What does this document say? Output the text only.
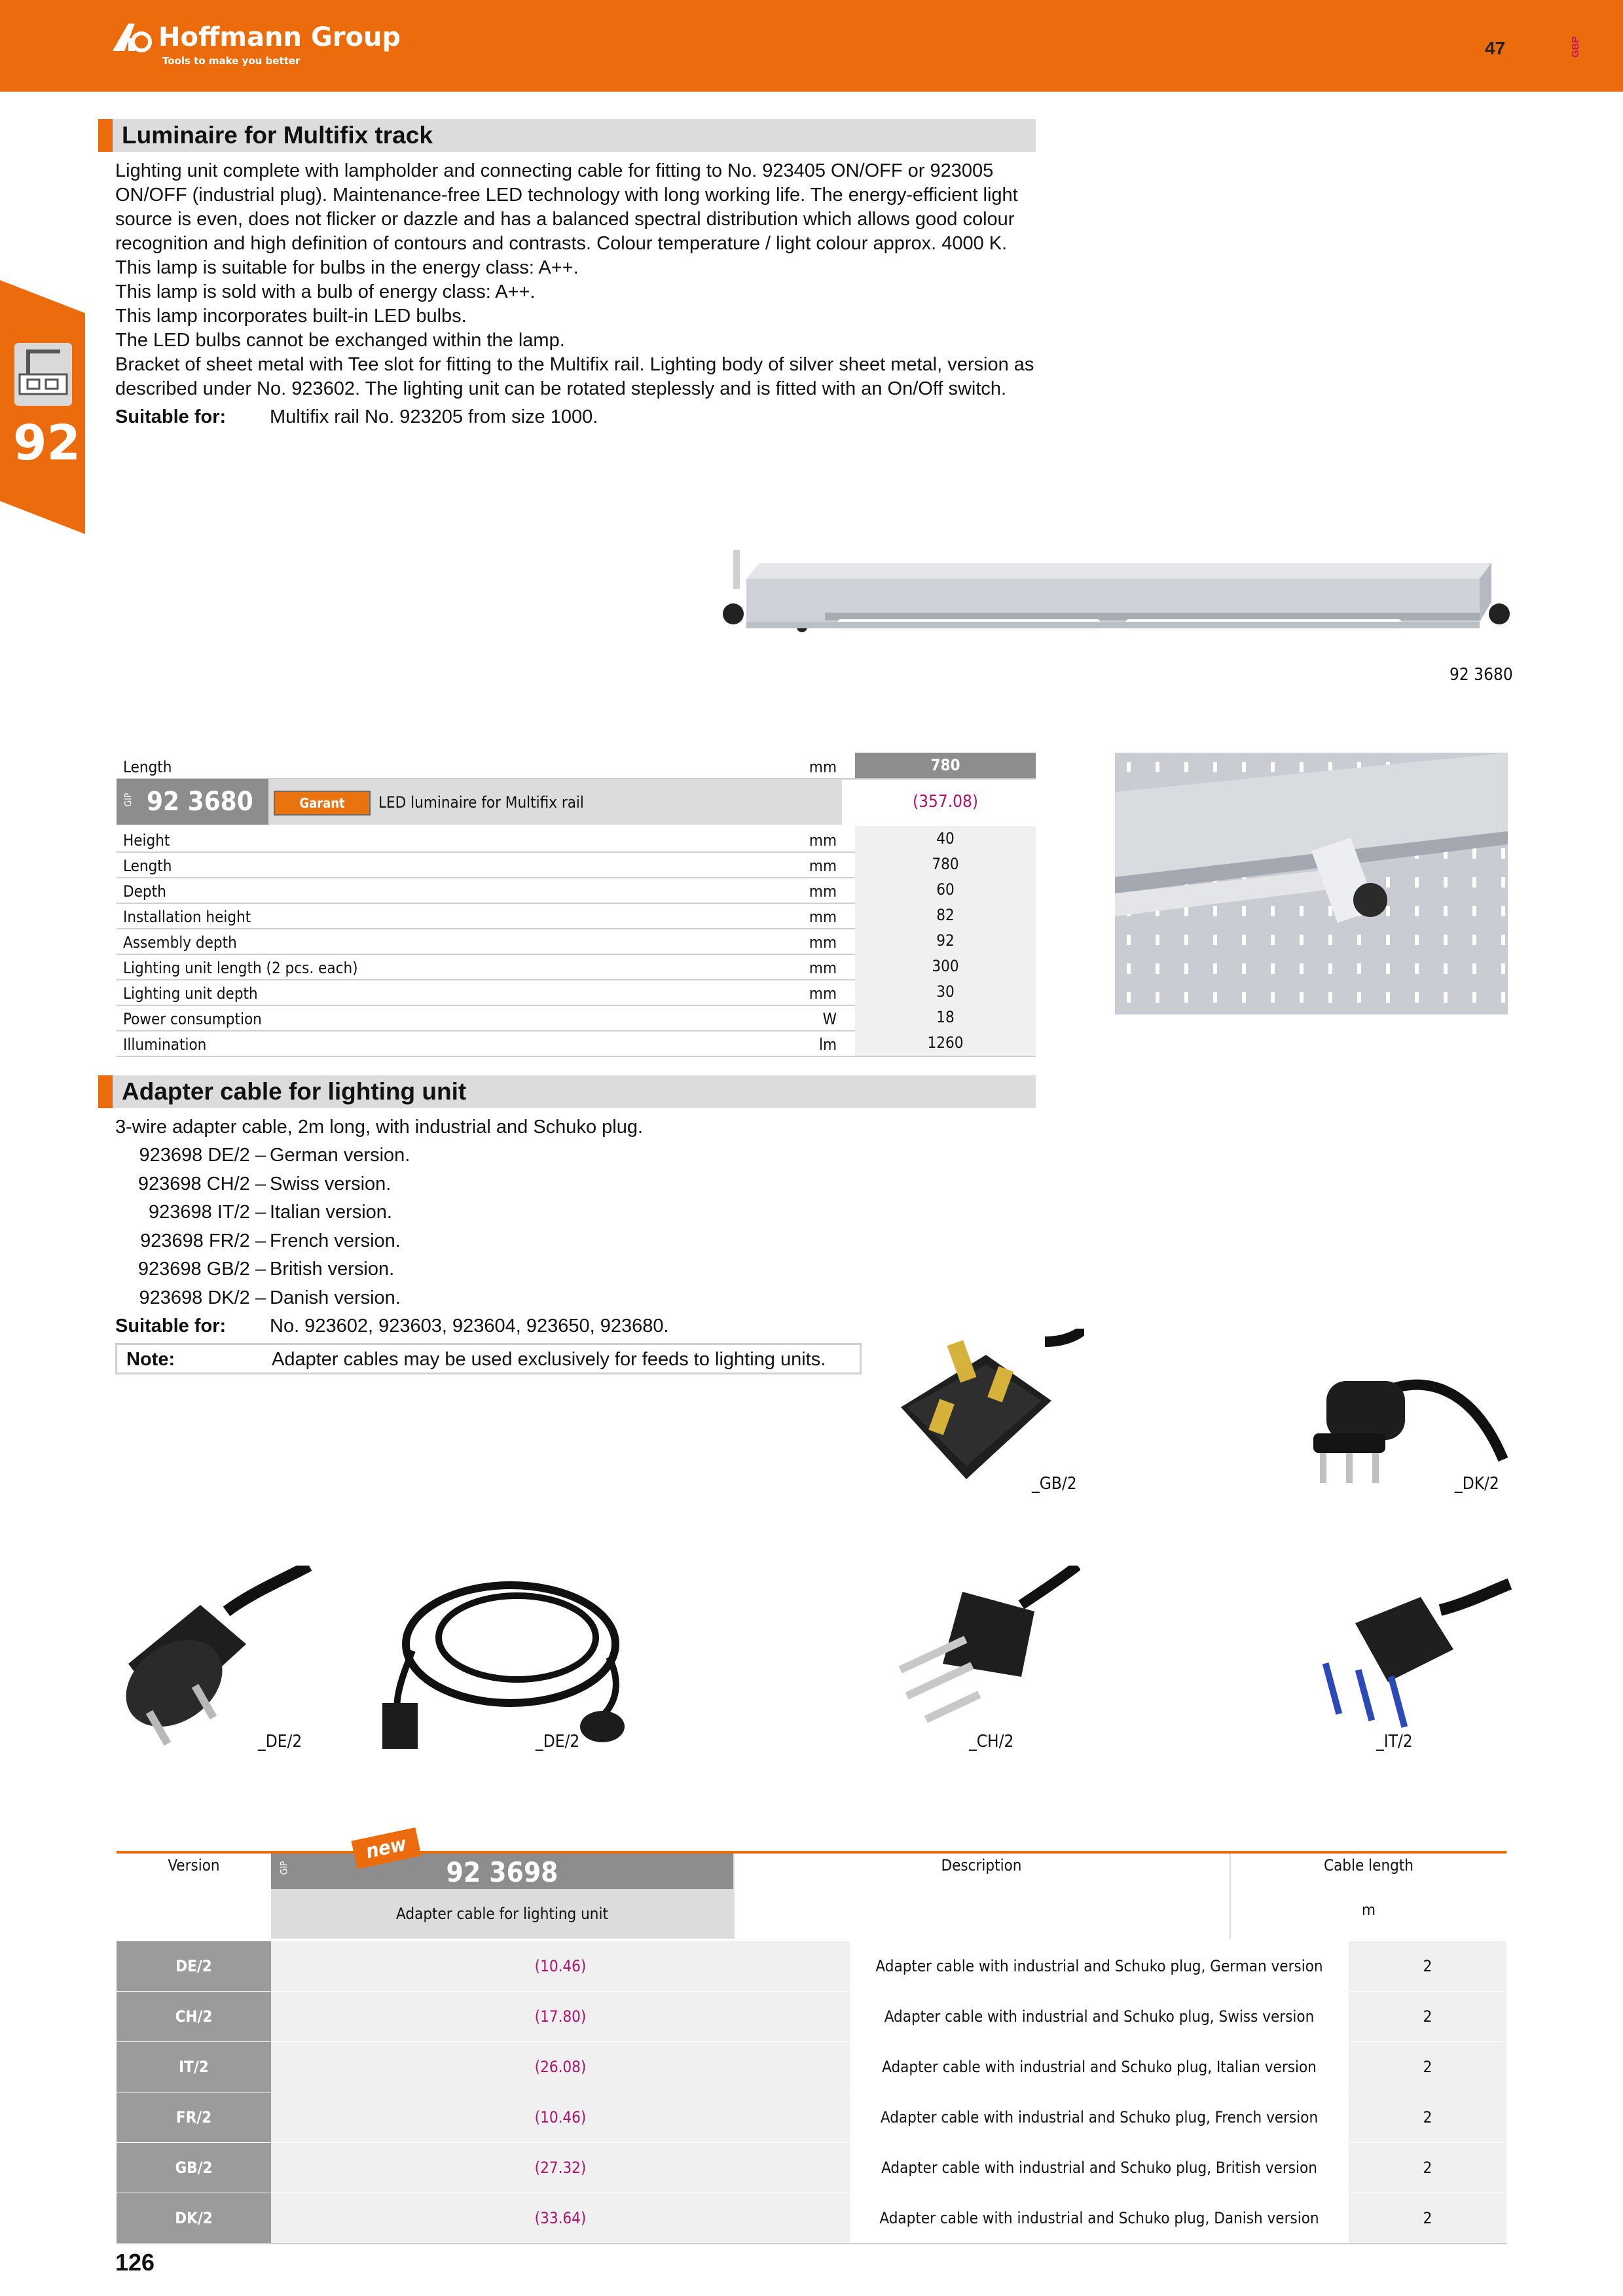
Hoffmann Group
Tools to make you better
47	GBP
92
Luminaire for Multifix track
Lighting unit complete with lampholder and connecting cable for fitting to No. 923405 ON/OFF or 923005
ON/OFF (industrial plug). Maintenance-free LED technology with long working life. The energy-efficient light
source is even, does not flicker or dazzle and has a balanced spectral distribution which allows good colour
recognition and high definition of contours and contrasts. Colour temperature / light colour approx. 4000 K.
This lamp is suitable for bulbs in the energy class: A++.
This lamp is sold with a bulb of energy class: A++.
This lamp incorporates built-in LED bulbs.
The LED bulbs cannot be exchanged within the lamp.
Bracket of sheet metal with Tee slot for fitting to the Multifix rail. Lighting body of silver sheet metal, version as
described under No. 923602. The lighting unit can be rotated steplessly and is fitted with an On/Off switch.
Suitable for: Multifix rail No. 923205 from size 1000.
92 3680
Length	mm	780
GIP 92 3680	Garant	LED luminaire for Multifix rail	(357.08)
Height	mm	40
Length	mm	780
Depth	mm	60
Installation height	mm	82
Assembly depth	mm	92
Lighting unit length (2 pcs. each)	mm	300
Lighting unit depth	mm	30
Power consumption	W	18
Illumination	lm	1260
Adapter cable for lighting unit
3-wire adapter cable, 2m long, with industrial and Schuko plug.
923698 DE/2 – German version.
923698 CH/2 – Swiss version.
923698 IT/2 – Italian version.
923698 FR/2 – French version.
923698 GB/2 – British version.
923698 DK/2 – Danish version.
Suitable for: No. 923602, 923603, 923604, 923650, 923680.
Note:	Adapter cables may be used exclusively for feeds to lighting units.
_GB/2	_DK/2
_DE/2	_DE/2	_CH/2	_IT/2
Version	GIP
new
92 3698
Adapter cable for lighting unit
Description	Cable length
m
DE/2	(10.46)	Adapter cable with industrial and Schuko plug, German version	2
CH/2	(17.80)	Adapter cable with industrial and Schuko plug, Swiss version	2
IT/2	(26.08)	Adapter cable with industrial and Schuko plug, Italian version	2
FR/2	(10.46)	Adapter cable with industrial and Schuko plug, French version	2
GB/2	(27.32)	Adapter cable with industrial and Schuko plug, British version	2
DK/2	(33.64)	Adapter cable with industrial and Schuko plug, Danish version	2
126
